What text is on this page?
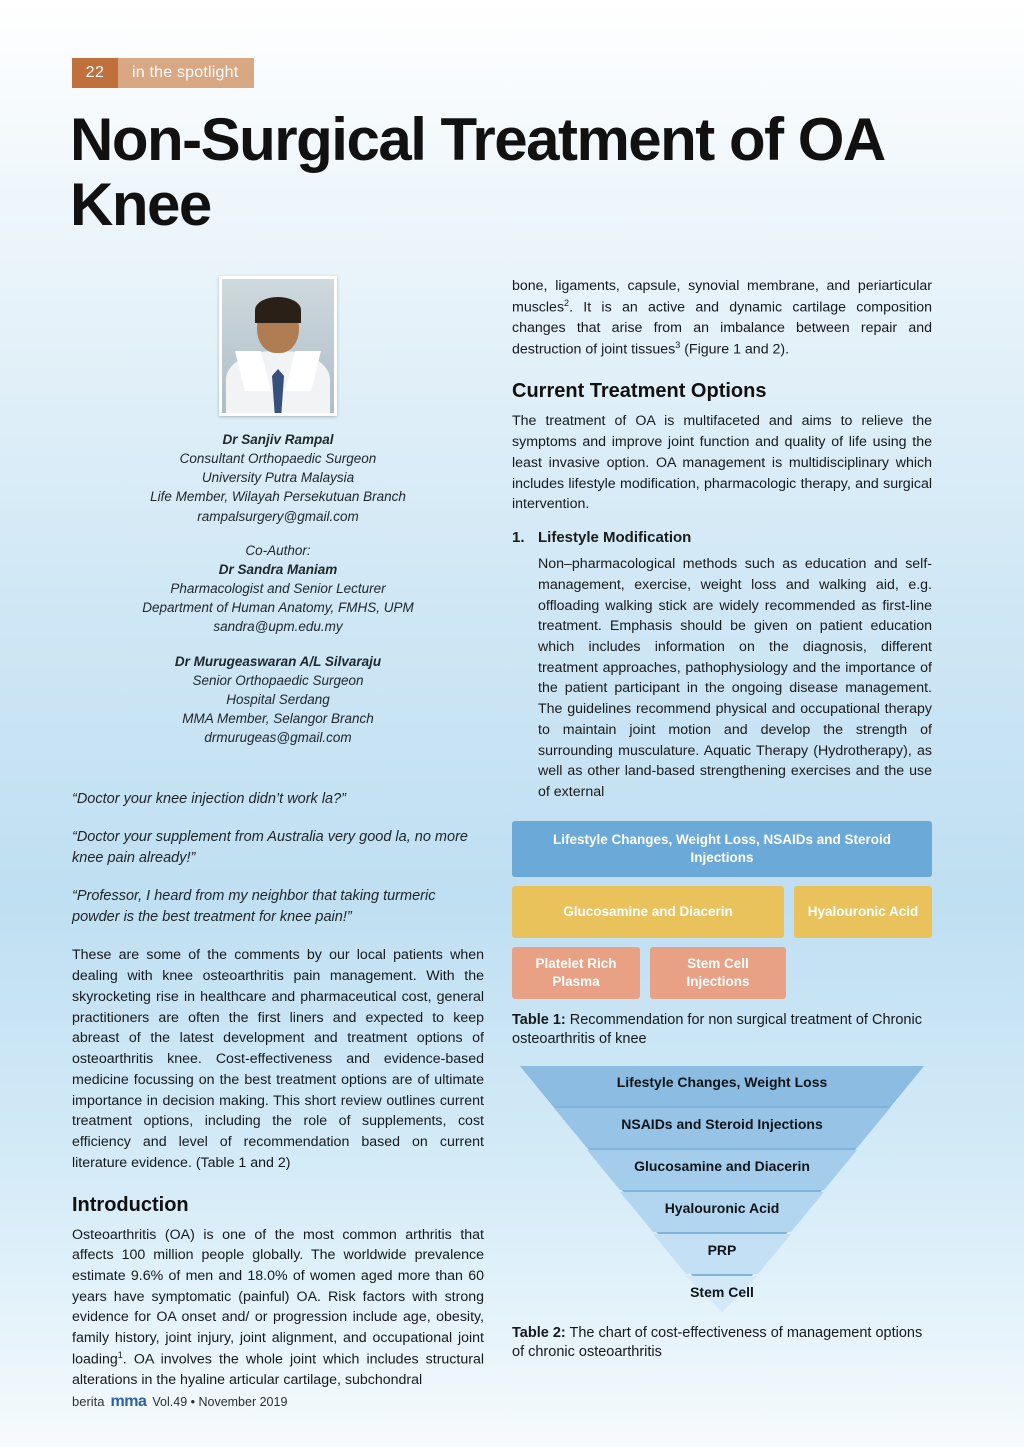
22	in the spotlight
Non-Surgical Treatment of OA Knee
Dr Sanjiv Rampal
Consultant Orthopaedic Surgeon
University Putra Malaysia
Life Member, Wilayah Persekutuan Branch
rampalsurgery@gmail.com
Co-Author:
Dr Sandra Maniam
Pharmacologist and Senior Lecturer
Department of Human Anatomy, FMHS, UPM
sandra@upm.edu.my
Dr Murugeaswaran A/L Silvaraju
Senior Orthopaedic Surgeon
Hospital Serdang
MMA Member, Selangor Branch
drmurugeas@gmail.com

“Doctor your knee injection didn’t work la?”

“Doctor your supplement from Australia very good la, no more knee pain already!”

“Professor, I heard from my neighbor that taking turmeric powder is the best treatment for knee pain!”

These are some of the comments by our local patients when dealing with knee osteoarthritis pain management. With the skyrocketing rise in healthcare and pharmaceutical cost, general practitioners are often the first liners and expected to keep abreast of the latest development and treatment options of osteoarthritis knee. Cost-effectiveness and evidence-based medicine focussing on the best treatment options are of ultimate importance in decision making. This short review outlines current treatment options, including the role of supplements, cost efficiency and level of recommendation based on current literature evidence. (Table 1 and 2)

Introduction

Osteoarthritis (OA) is one of the most common arthritis that affects 100 million people globally. The worldwide prevalence estimate 9.6% of men and 18.0% of women aged more than 60 years have symptomatic (painful) OA. Risk factors with strong evidence for OA onset and/ or progression include age, obesity, family history, joint injury, joint alignment, and occupational joint loading$^1$. OA involves the whole joint which includes structural alterations in the hyaline articular cartilage, subchondral

bone, ligaments, capsule, synovial membrane, and periarticular muscles$^2$. It is an active and dynamic cartilage composition changes that arise from an imbalance between repair and destruction of joint tissues$^3$ (Figure 1 and 2).

Current Treatment Options

The treatment of OA is multifaceted and aims to relieve the symptoms and improve joint function and quality of life using the least invasive option. OA management is multidisciplinary which includes lifestyle modification, pharmacologic therapy, and surgical intervention.

1. Lifestyle Modification
Non–pharmacological methods such as education and self-management, exercise, weight loss and walking aid, e.g. offloading walking stick are widely recommended as first-line treatment. Emphasis should be given on patient education which includes information on the diagnosis, different treatment approaches, pathophysiology and the importance of the patient participant in the ongoing disease management. The guidelines recommend physical and occupational therapy to maintain joint motion and develop the strength of surrounding musculature. Aquatic Therapy (Hydrotherapy), as well as other land-based strengthening exercises and the use of external
Lifestyle Changes, Weight Loss, NSAIDs and Steroid Injections
Glucosamine and Diacerin	Hyalouronic Acid
Platelet Rich Plasma
Stem Cell Injections
Table 1: Recommendation for non surgical treatment of Chronic osteoarthritis of knee
Lifestyle Changes, Weight Loss
NSAIDs and Steroid Injections
Glucosamine and Diacerin
Hyalouronic Acid
PRP
Stem Cell
Table 2: The chart of cost-effectiveness of management options of chronic osteoarthritis
berita mma Vol.49 • November 2019
